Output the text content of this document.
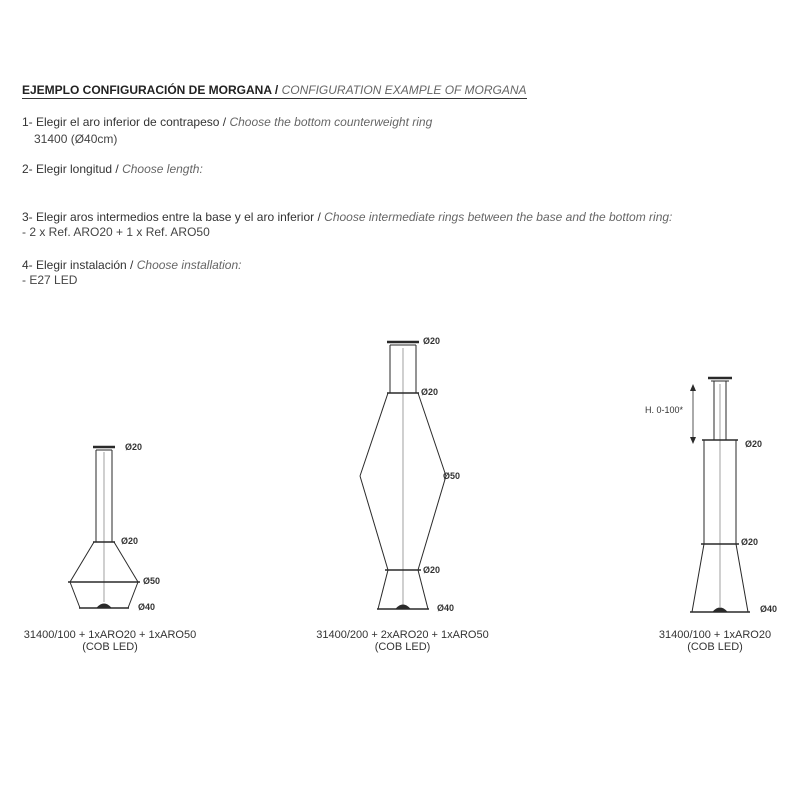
EJEMPLO CONFIGURACIÓN DE MORGANA / CONFIGURATION EXAMPLE OF MORGANA
1- Elegir el aro inferior de contrapeso / Choose the bottom counterweight ring
31400 (Ø40cm)
2- Elegir longitud / Choose length:
3- Elegir aros intermedios entre la base y el aro inferior / Choose intermediate rings between the base and the bottom ring:
- 2 x Ref. ARO20 + 1 x Ref. ARO50
4- Elegir instalación / Choose installation:
- E27 LED
Ø20
Ø20
Ø50
Ø40
Ø20
Ø20
Ø50
Ø20
Ø40
H. 0-100*
Ø20
Ø20
Ø40
31400/100 + 1xARO20 + 1xARO50
(COB LED)
31400/200 + 2xARO20 + 1xARO50
(COB LED)
31400/100 + 1xARO20
(COB LED)
